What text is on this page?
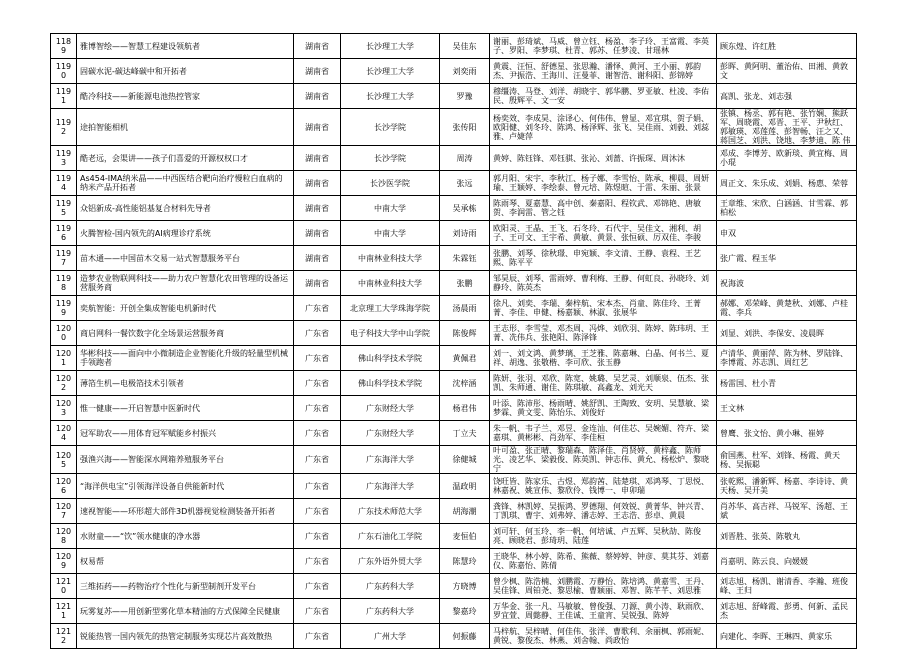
1189	雅博智绘——智慧工程建设领航者	湖南省	长沙理工大学	吴佳东	谢丽、彭琦斌、马威、曾立钰、杨盈、李子玲、王富霞、李英子、罗阳、李梦琪、杜青、郭苏、任梦凌、甘瑶林	顾东煌、许红胜
1190	固碳水泥-碳达峰碳中和开拓者	湖南省	长沙理工大学	刘奕雨	黄震、汪恒、舒德星、张思瀚、潘怿、黄河、王小丽、郭韵杰、尹振浩、王海川、汪曼菲、谢智浩、谢科阳、彭锦婷	彭晖、黄阿明、董治佑、田湘、黄敦文
1191	酷冷科技——新能源电池热控管家	湖南省	长沙理工大学	罗豫	穆缰涛、马登、刘洋、胡晓宇、郭华鹏、罗亚敏、杜凌、李佑民、殷辉平、文一安	高凯、张龙、刘志强
1192	途拍智能相机	湖南省	长沙学院	张传阳	杨奕效、李成昊、涂译心、何伟伟、曾显、邓宜琪、贺子娟、欧阳健、刘冬玲、陈鸿、杨泽辉、张飞、吴佳雨、刘毅、刘蕊雅、卢婕萍	张镇、杨丞、郭有艳、张竹娴、熊跃军、周晓霞、邓晋、王平、尹秋红、郭敏瑛、邓莲莲、彭智畅、汪之又、蒋国芝、刘洪、饶地、李梦迪、陈 伟
1193	酷老远，会渠讲——孩子们喜爱的开源权权口才	湖南省	长沙学院	周涛	黄婷、陈钰锋、邓钰骐、张沁、刘蔷、许振琛、周沐沐	邓成、李博芳、欧新琰、黄宜梅、周小琨
1194	As454-IMA纳米晶——中西医结合靶向治疗慢粒白血病的纳米产品开拓者	湖南省	长沙医学院	张远	郭月阳、宋宇、李秋江、杨子娜、李雪怡、陈承、柳晨、周妍瑜、王颖婷、李绘泰、曾元培、陈煜暄、于雷、朱丽、张景	周正文、朱乐成、刘娟、杨惠、荣蓉
1195	众铝新成-高性能铝基复合材料先导者	湖南省	中南大学	吴承栋	陈雨琴、夏嘉慧、高中创、秦嘉阳、程钦武、邓锦艳、唐敏贺、李润雷、管之钰	王章维、宋欣、白涵涵、甘雪霖、郭柏松
1196	火腾智检-国内领先的AI病理诊疗系统	湖南省	中南大学	刘诗雨	欧阳灵、王晶、王飞、石冬玲、石代宇、吴佳文、湘利、胡子、王可文、王宇希、黄敏、黄景、张恒硕、厉双佳、李骏	申双
1197	苗木通——中国苗木交易一站式智慧服务平台	湖南省	中南林业科技大学	朱霖钰	张鹏、刘琴、徐秋璟、申宛颖、李文清、王静、袁程、王艺熙、陈平平	张广霞、程玉华
1198	造梦农业物联网科技——助力农户智慧化农田管理的设备运营服务商	湖南省	中南林业科技大学	张鹏	邹昊辰、刘琴、雷雨婷、曹利梅、王静、何虹良、孙晓玲、刘静玲、陈英杰	祝海波
1199	奕航智能：开创全集成智能电机新时代	广东省	北京理工大学珠海学院	汤晨雨	徐凡、刘奕、李瑞、秦梓航、宋本杰、肖童、陈佳玲、王菁菁、李佳、申健、杨嘉颖、林淑、张展华	郝娜、邓荣峰、黄楚秋、刘娜、卢桂霞、李兵
1200	商启网科一餐饮数字化全场景运营服务商	广东省	电子科技大学中山学院	陈俊辉	王志形、李雪莹、邓杰周、冯烨、刘欣羽、陈婷、陈玮玥、王菁、冼伟兵、张艳阳、陈泽锋	刘显、刘洪、李保安、凌晨晖
1201	华彬科技——面向中小微制造企业智能化升级的轻量型机械手领跑者	广东省	佛山科学技术学院	黄佩君	刘一、刘文鸿、黄梦璃、王芝雅、陈嘉琳、白晶、何书兰、夏祥、胡逸、张敬楷、李可欣、张玉静	卢清华、黄丽萍、陈为林、罗陆锋、李博霞、苏志凯、周红艺
1202	薄箔生机—电极箔技术引领者	广东省	佛山科学技术学院	沈梓涵	陈妍、张羽、邓欣、陈宽、姚璐、吴艺灵、刘顺泉、伍杰、张凯、朱师通、谢佳、陈琪敏、高鑫龙、刘光天	杨雷国、杜小青
1203	惟一健康——开启智慧中医新时代	广东省	广东财经大学	杨君伟	叶添、陈沛彤、杨雨晴、姚舒凯、王陶致、安玥、吴慧敏、梁梦霖、黄文雯、陈怡乐、刘俊好	王文林
1204	冠军助农——用体育冠军赋能乡村振兴	广东省	广东财经大学	丁立夫	朱一帆、韦子兰、邓昱、金连汕、何佳芯、吴婉媚、符卉、梁嘉琪、黄彬彬、肖劲军、李佳桓	曾鹰、张文怡、黄小琳、崔婷
1205	强渔兴海——智能深水网箱养殖服务平台	广东省	广东海洋大学	徐健城	叶可盈、张正晴、黎瑞森、陈泽佳、肖贤婷、黄梓鑫、陈师光、凌艺华、梁毅俊、陈英凯、钟志伟、黄允、杨松炉、黎晓宁	俞国燕、杜军、刘锋、杨霞、黄天杨、吴振聪
1206	“海洋供电宝”引领海洋设备自供能新时代	广东省	广东海洋大学	温政明	饶旺皆、陈家乐、古煜、郑韵茜、陆楚琪、邓鸿琴、丁思悦、林嘉祝、姚宣伟、黎欣伶、钱博一、申卯瑞	张乾熙、潘新辉、杨嘉、李诗诗、黄天杨、吴开美
1207	速视智能——环形超大部件3D机器视觉检测装备开拓者	广东省	广东技术师范大学	胡海潮	龚锋、林凯婷、吴振鸿、罗德翔、何效锐、黄菁华、钟兴青、丁凯琪、曹宇、刘弗婷、潘志婷、王志浩、彭卓、黄晨	肖苏华、高吉祥、马锐军、汤超、王斌
1208	水财童——“饮”领水健康的净水器	广东省	广东石油化工学院	麦恒伯	刘可轩、何玉玲、李一帆、何培诚、卢五辉、吴秋劼、陈俊亮、顾晓君、彭琦玥、陆莲	刘晋胜、张英、陈敬丸
1209	权易帮	广东省	广东外语外贸大学	陈慧玲	王晓华、林小婷、陈希、熊薇、蔡婷婷、钟彦、莫其芬、刘嘉仪、陈嘉怡、陈倩	肖嘉明、陈云良、向媛媛
1210	三维拓药——药物治疗个性化与新型制剂开发平台	广东省	广东药科大学	方晓博	曾少枫、陈浩楠、刘鹏霞、万静怡、陈培鸿、黄嘉雪、王丹、吴佳锋、周铂尧、黎思榆、曹颖丽、邓智、陈芊芊、刘思雅	刘志旭、杨凯、谢清香、李瀚、班俊峰、王归
1211	玩雾复苏——用创新型雾化草本精油的方式保障全民健康	广东省	广东药科大学	黎嘉玲	万华金、张一凡、马敏敏、曾俊强、刀源、黄小涛、耿雨欣、罗宜萱、周懿静、王佳诚、王童宵、吴锐强、陈婷	刘志旭、舒峰霞、彭勇、何新、孟民杰
1212	锐能热管一国内领先的热管定制服务实现芯片高效散热	广东省	广州大学	何振藤	马梓航、吴梓晴、何佳伟、张洋、曹歌利、余丽枫、郭雨妮、黄锐、黎俊杰、林燕、刘舍翰、尚政怡	向建化、李晖、王琳四、黄家乐
